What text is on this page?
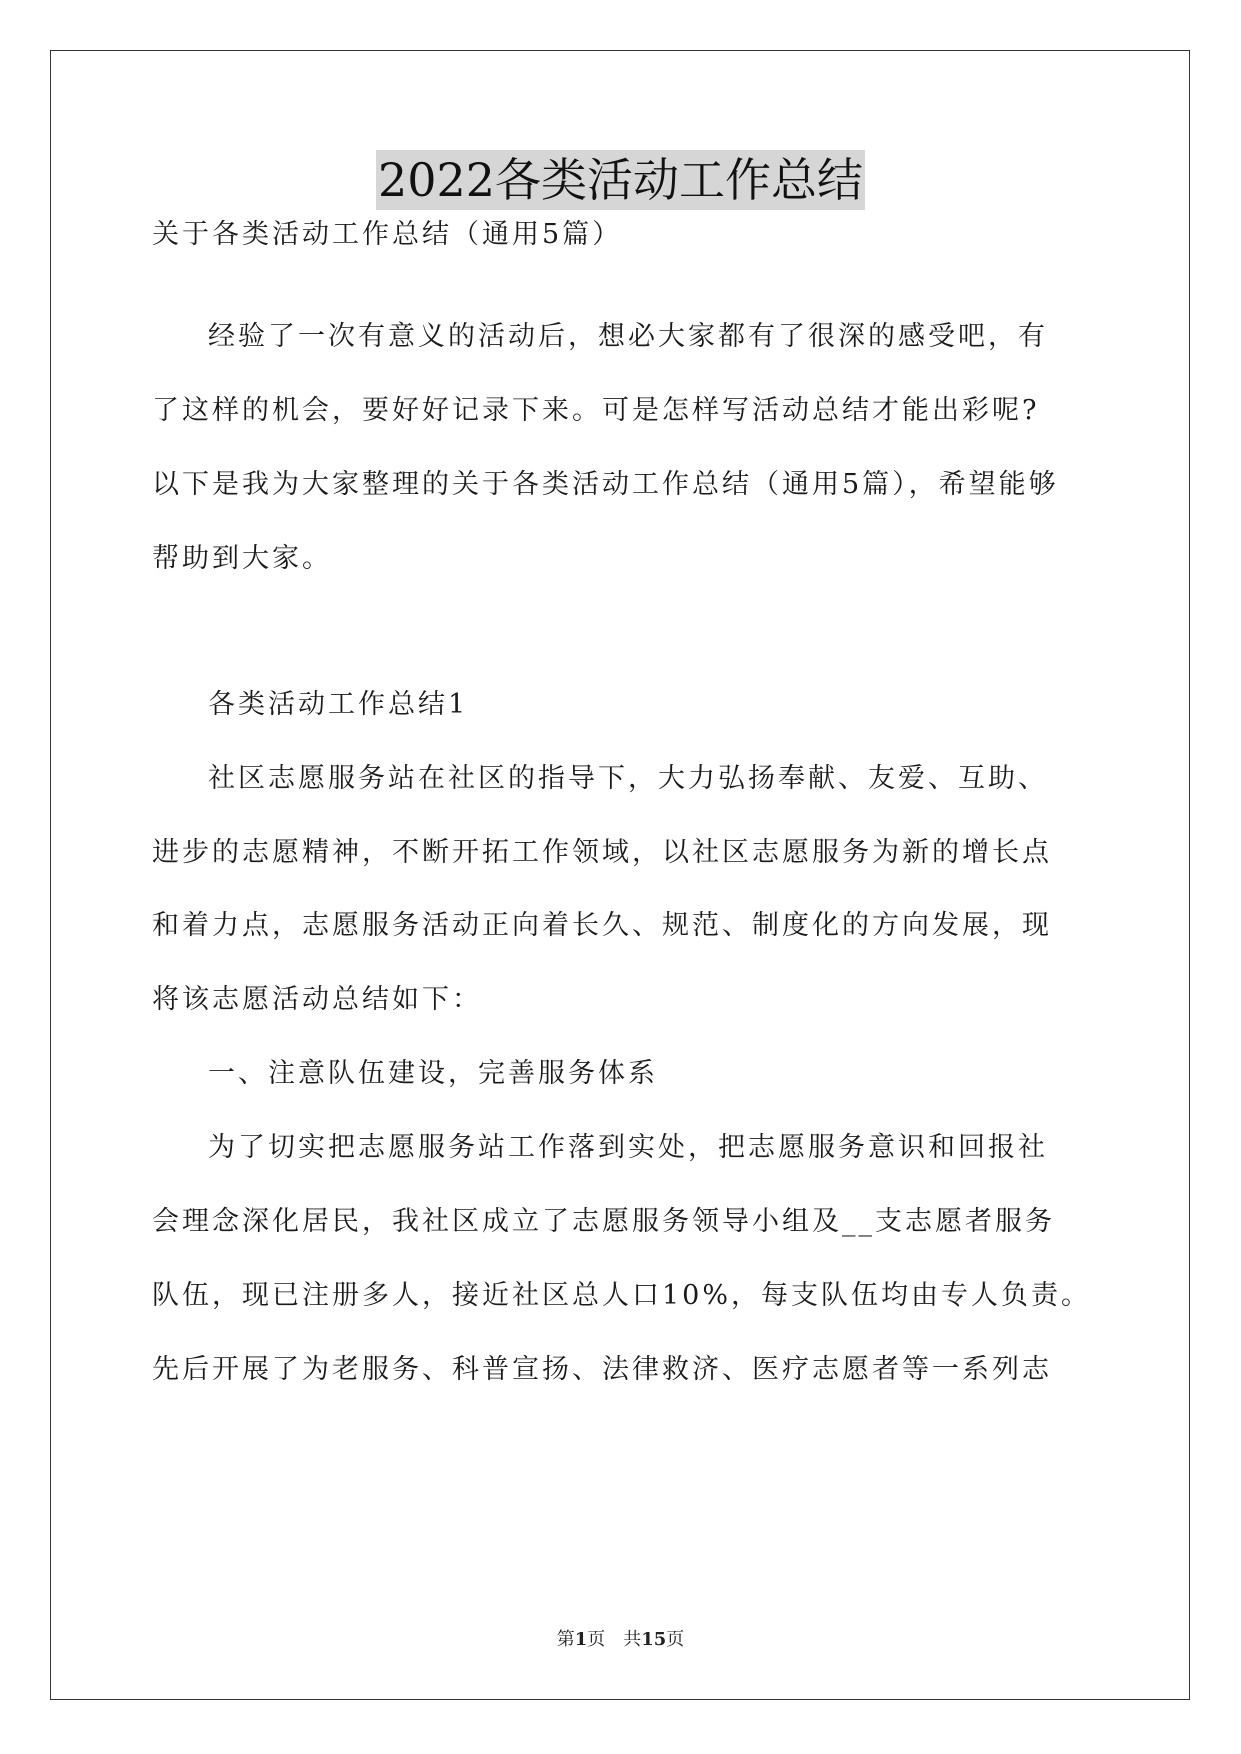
2022各类活动工作总结
关于各类活动工作总结（通用5篇）
经验了一次有意义的活动后，想必大家都有了很深的感受吧，有
了这样的机会，要好好记录下来。可是怎样写活动总结才能出彩呢?
以下是我为大家整理的关于各类活动工作总结（通用5篇），希望能够
帮助到大家。
各类活动工作总结1
社区志愿服务站在社区的指导下，大力弘扬奉献、友爱、互助、
进步的志愿精神，不断开拓工作领域，以社区志愿服务为新的增长点
和着力点，志愿服务活动正向着长久、规范、制度化的方向发展，现
将该志愿活动总结如下：
一、注意队伍建设，完善服务体系
为了切实把志愿服务站工作落到实处，把志愿服务意识和回报社
会理念深化居民，我社区成立了志愿服务领导小组及__支志愿者服务
队伍，现已注册多人，接近社区总人口10%，每支队伍均由专人负责。
先后开展了为老服务、科普宣扬、法律救济、医疗志愿者等一系列志
第1页　共15页
